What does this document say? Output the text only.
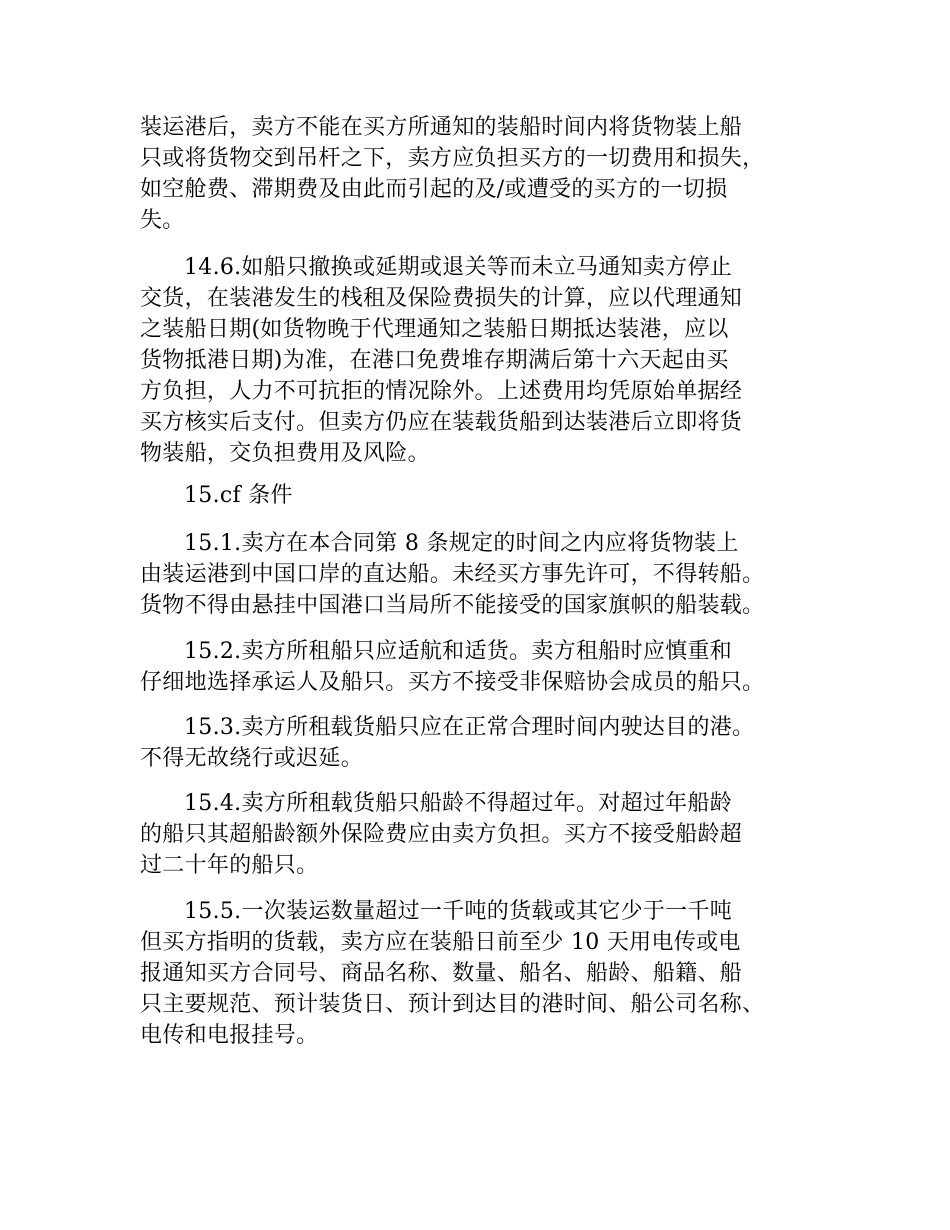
装运港后，卖方不能在买方所通知的装船时间内将货物装上船
只或将货物交到吊杆之下，卖方应负担买方的一切费用和损失，
如空舱费、滞期费及由此而引起的及/或遭受的买方的一切损
失。
14.6.如船只撤换或延期或退关等而未立马通知卖方停止
交货，在装港发生的栈租及保险费损失的计算，应以代理通知
之装船日期(如货物晚于代理通知之装船日期抵达装港，应以
货物抵港日期)为准，在港口免费堆存期满后第十六天起由买
方负担，人力不可抗拒的情况除外。上述费用均凭原始单据经
买方核实后支付。但卖方仍应在装载货船到达装港后立即将货
物装船，交负担费用及风险。
15.cf 条件
15.1.卖方在本合同第 8 条规定的时间之内应将货物装上
由装运港到中国口岸的直达船。未经买方事先许可，不得转船。
货物不得由悬挂中国港口当局所不能接受的国家旗帜的船装载。
15.2.卖方所租船只应适航和适货。卖方租船时应慎重和
仔细地选择承运人及船只。买方不接受非保赔协会成员的船只。
15.3.卖方所租载货船只应在正常合理时间内驶达目的港。
不得无故绕行或迟延。
15.4.卖方所租载货船只船龄不得超过年。对超过年船龄
的船只其超船龄额外保险费应由卖方负担。买方不接受船龄超
过二十年的船只。
15.5.一次装运数量超过一千吨的货载或其它少于一千吨
但买方指明的货载，卖方应在装船日前至少 10 天用电传或电
报通知买方合同号、商品名称、数量、船名、船龄、船籍、船
只主要规范、预计装货日、预计到达目的港时间、船公司名称、
电传和电报挂号。
